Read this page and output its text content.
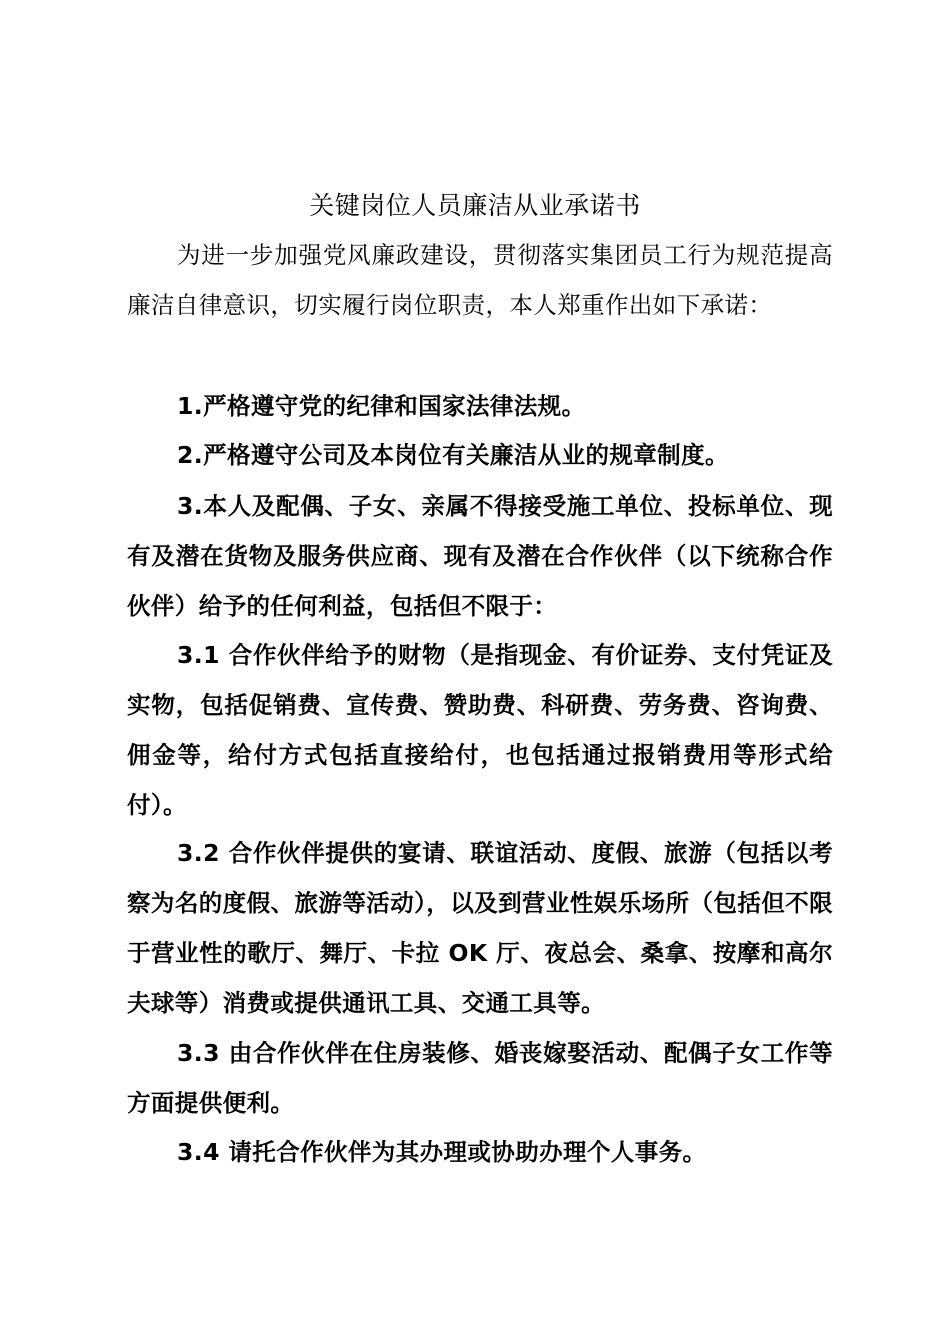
关键岗位人员廉洁从业承诺书

为进一步加强党风廉政建设，贯彻落实集团员工行为规范提高廉洁自律意识，切实履行岗位职责，本人郑重作出如下承诺：

1.严格遵守党的纪律和国家法律法规。

2.严格遵守公司及本岗位有关廉洁从业的规章制度。

3.本人及配偶、子女、亲属不得接受施工单位、投标单位、现有及潜在货物及服务供应商、现有及潜在合作伙伴（以下统称合作伙伴）给予的任何利益，包括但不限于：

3.1 合作伙伴给予的财物（是指现金、有价证券、支付凭证及实物，包括促销费、宣传费、赞助费、科研费、劳务费、咨询费、佣金等，给付方式包括直接给付，也包括通过报销费用等形式给付）。

3.2 合作伙伴提供的宴请、联谊活动、度假、旅游（包括以考察为名的度假、旅游等活动），以及到营业性娱乐场所（包括但不限于营业性的歌厅、舞厅、卡拉 OK 厅、夜总会、桑拿、按摩和高尔夫球等）消费或提供通讯工具、交通工具等。

3.3 由合作伙伴在住房装修、婚丧嫁娶活动、配偶子女工作等方面提供便利。

3.4 请托合作伙伴为其办理或协助办理个人事务。
